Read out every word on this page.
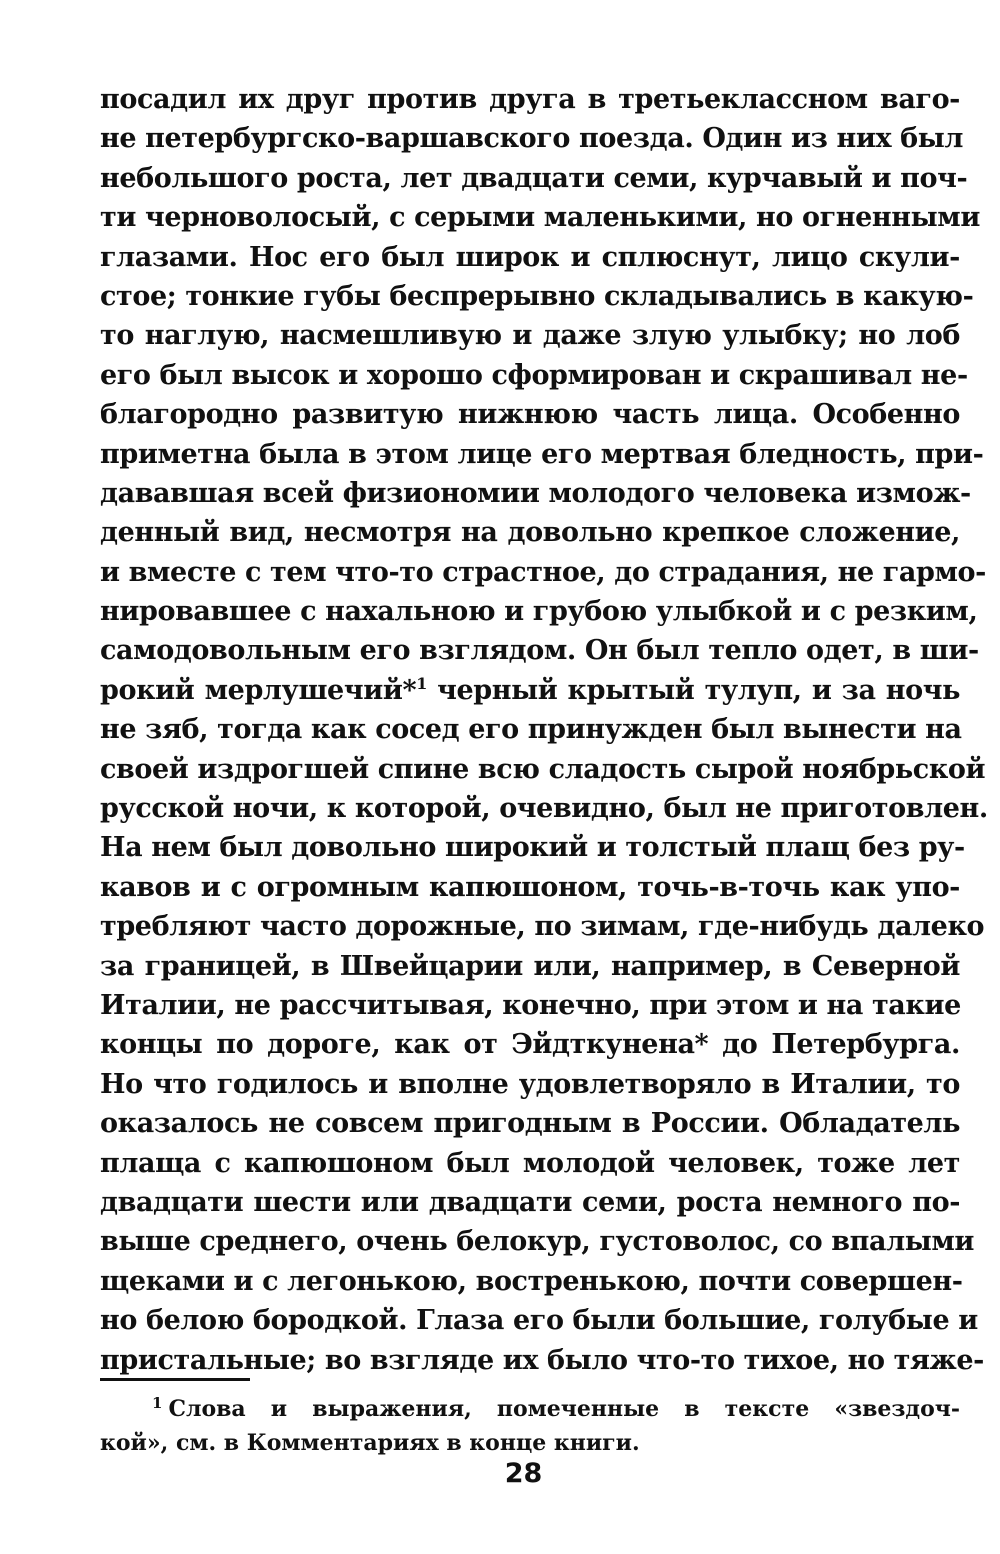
посадил их друг против друга в третьеклассном ваго-
не петербургско-варшавского поезда. Один из них был
небольшого роста, лет двадцати семи, курчавый и поч-
ти черноволосый, с серыми маленькими, но огненными
глазами. Нос его был широк и сплюснут, лицо скули-
стое; тонкие губы беспрерывно складывались в какую-
то наглую, насмешливую и даже злую улыбку; но лоб
его был высок и хорошо сформирован и скрашивал не-
благородно развитую нижнюю часть лица. Особенно
приметна была в этом лице его мертвая бледность, при-
дававшая всей физиономии молодого человека измож-
денный вид, несмотря на довольно крепкое сложение,
и вместе с тем что-то страстное, до страдания, не гармо-
нировавшее с нахальною и грубою улыбкой и с резким,
самодовольным его взглядом. Он был тепло одет, в ши-
рокий мерлушечий*$^1$ черный крытый тулуп, и за ночь
не зяб, тогда как сосед его принужден был вынести на
своей издрогшей спине всю сладость сырой ноябрьской
русской ночи, к которой, очевидно, был не приготовлен.
На нем был довольно широкий и толстый плащ без ру-
кавов и с огромным капюшоном, точь-в-точь как упо-
требляют часто дорожные, по зимам, где-нибудь далеко
за границей, в Швейцарии или, например, в Северной
Италии, не рассчитывая, конечно, при этом и на такие
концы по дороге, как от Эйдткунена* до Петербурга.
Но что годилось и вполне удовлетворяло в Италии, то
оказалось не совсем пригодным в России. Обладатель
плаща с капюшоном был молодой человек, тоже лет
двадцати шести или двадцати семи, роста немного по-
выше среднего, очень белокур, густоволос, со впалыми
щеками и с легонькою, востренькою, почти совершен-
но белою бородкой. Глаза его были большие, голубые и
пристальные; во взгляде их было что-то тихое, но тяже-
$^1$ Слова и выражения, помеченные в тексте «звездоч-
кой», см. в Комментариях в конце книги.
28
